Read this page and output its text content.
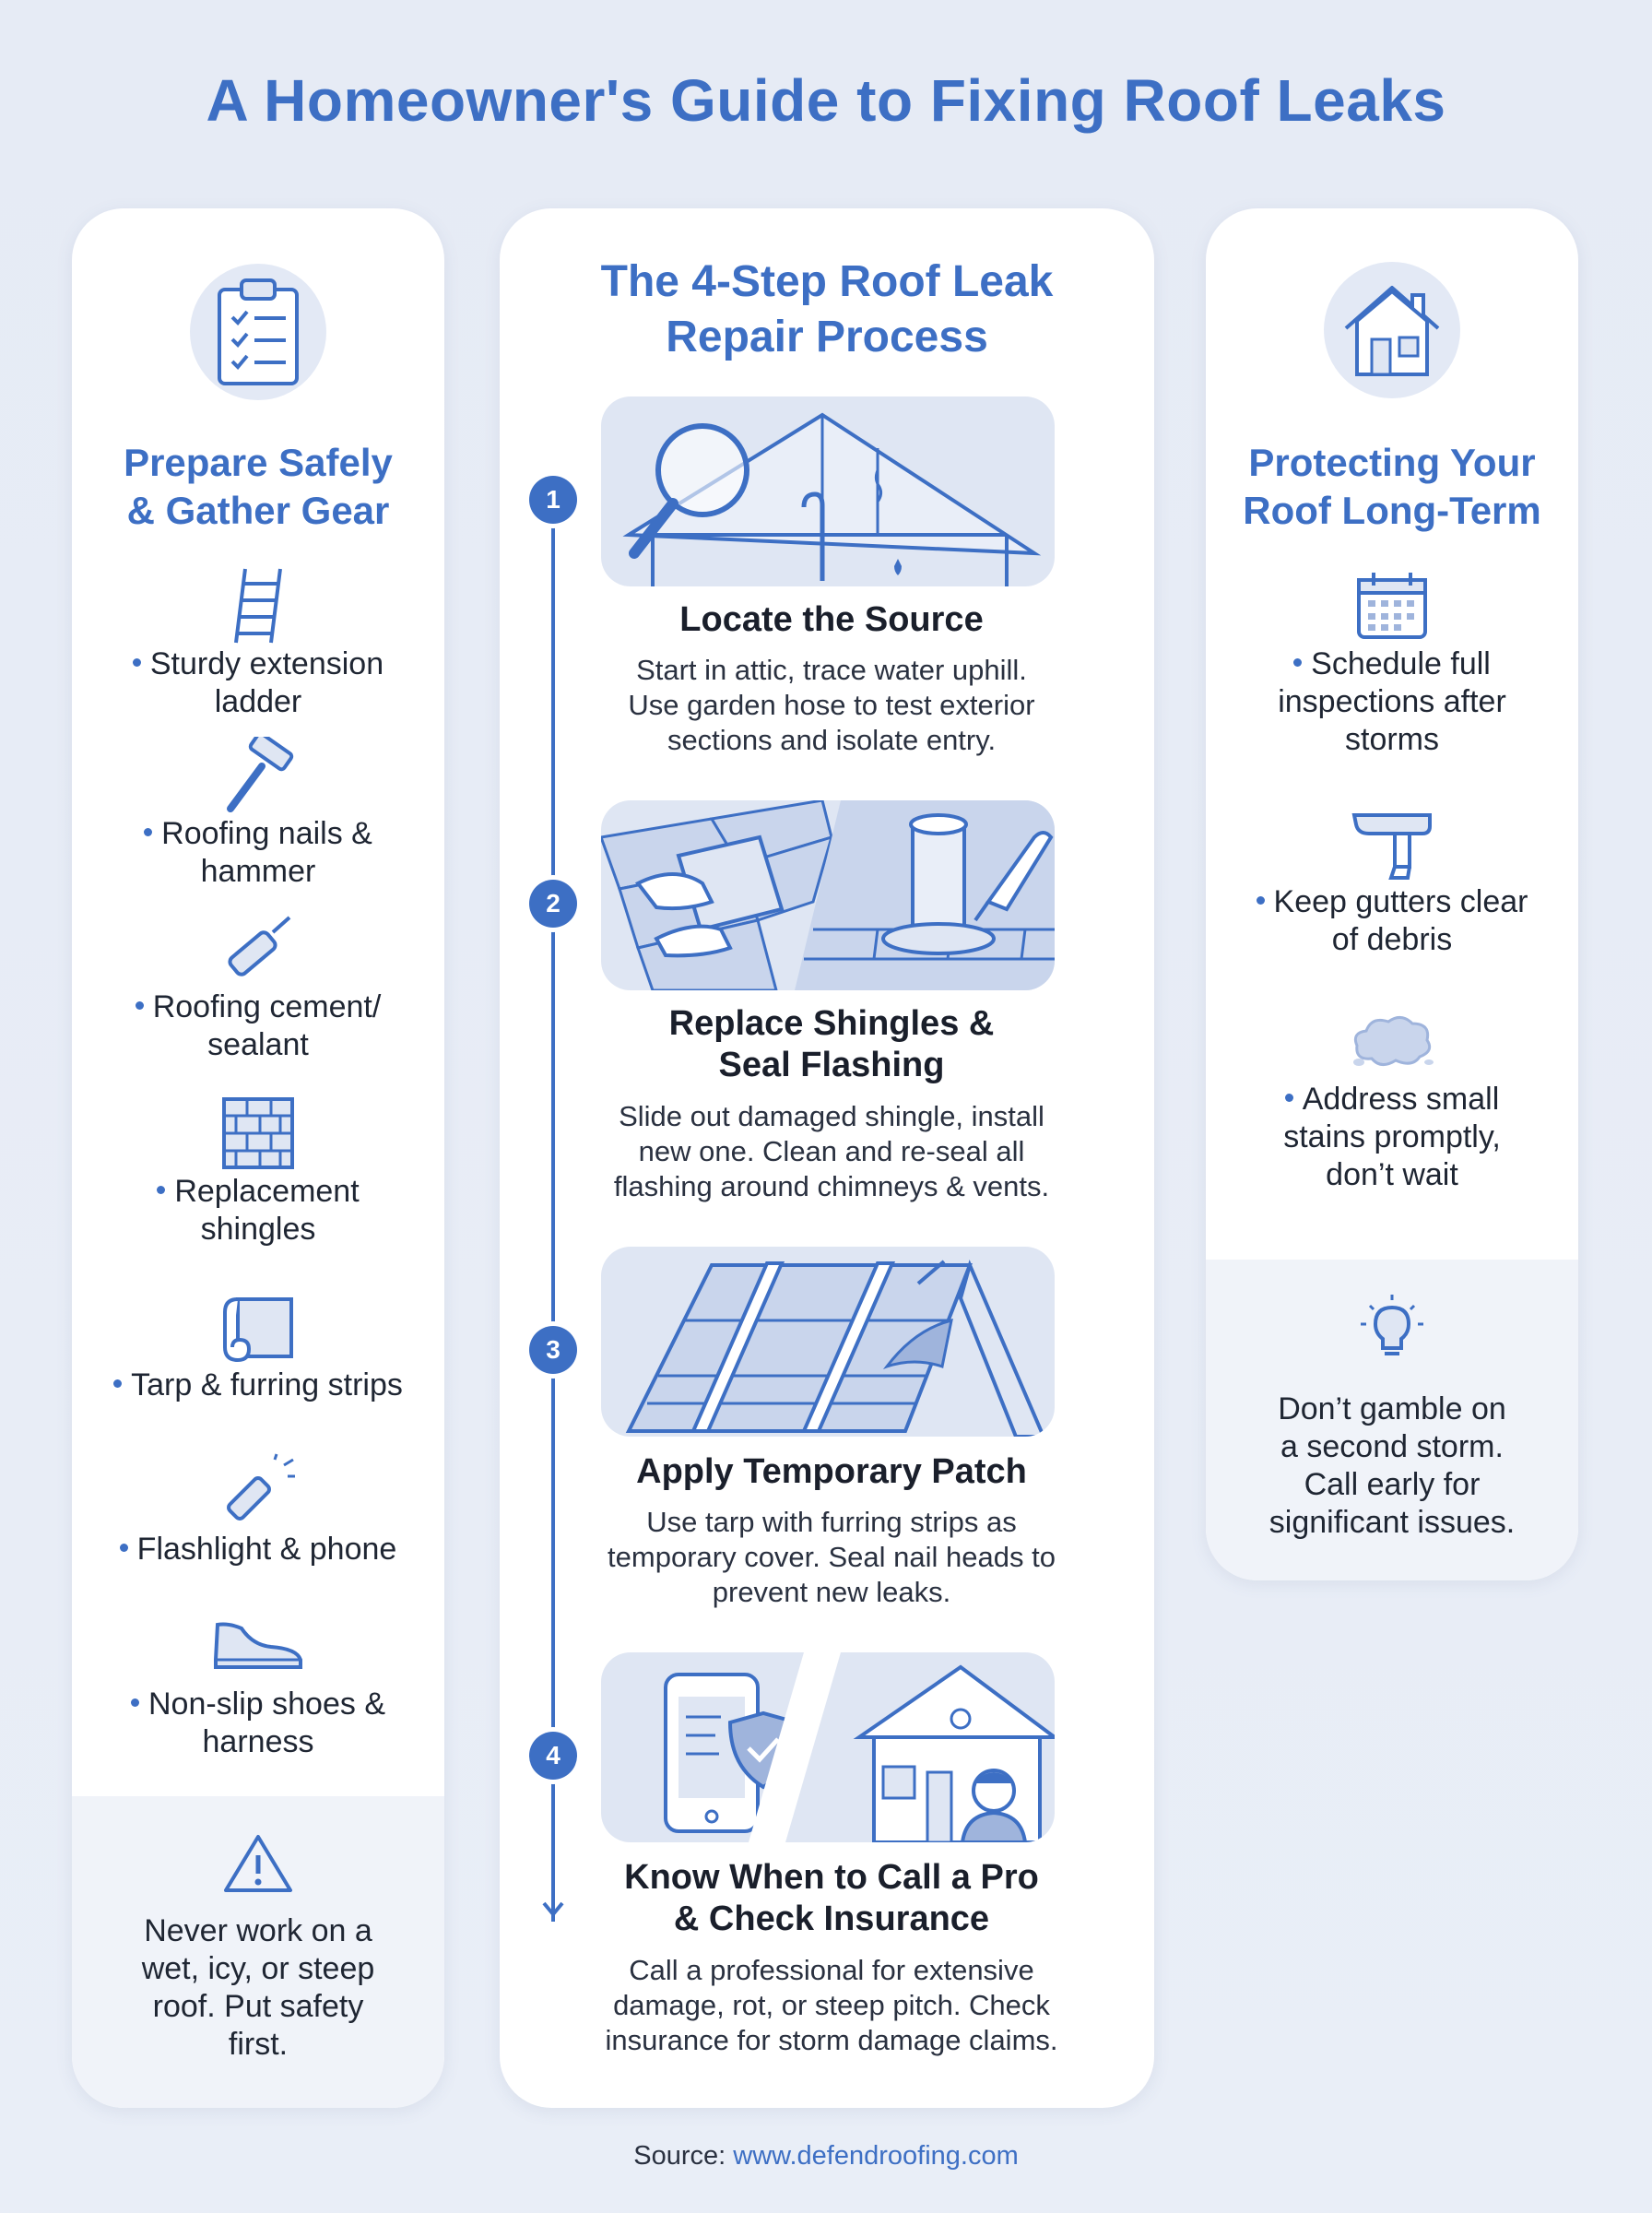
A Homeowner's Guide to Fixing Roof Leaks
Prepare Safely
& Gather Gear
Sturdy extension
ladder
Roofing nails &
hammer
Roofing cement/
sealant
Replacement
shingles
Tarp & furring strips
Flashlight & phone
Non-slip shoes &
harness
Never work on a
wet, icy, or steep
roof. Put safety
first.
The 4-Step Roof Leak
Repair Process
1
Locate the Source
Start in attic, trace water uphill.
Use garden hose to test exterior
sections and isolate entry.
2
Replace Shingles &
Seal Flashing
Slide out damaged shingle, install
new one. Clean and re-seal all
flashing around chimneys & vents.
3
Apply Temporary Patch
Use tarp with furring strips as
temporary cover. Seal nail heads to
prevent new leaks.
4
Know When to Call a Pro
& Check Insurance
Call a professional for extensive
damage, rot, or steep pitch. Check
insurance for storm damage claims.
Protecting Your
Roof Long-Term
Schedule full
inspections after
storms
Keep gutters clear
of debris
Address small
stains promptly,
don’t wait
Don’t gamble on
a second storm.
Call early for
significant issues.
Source: www.defendroofing.com
